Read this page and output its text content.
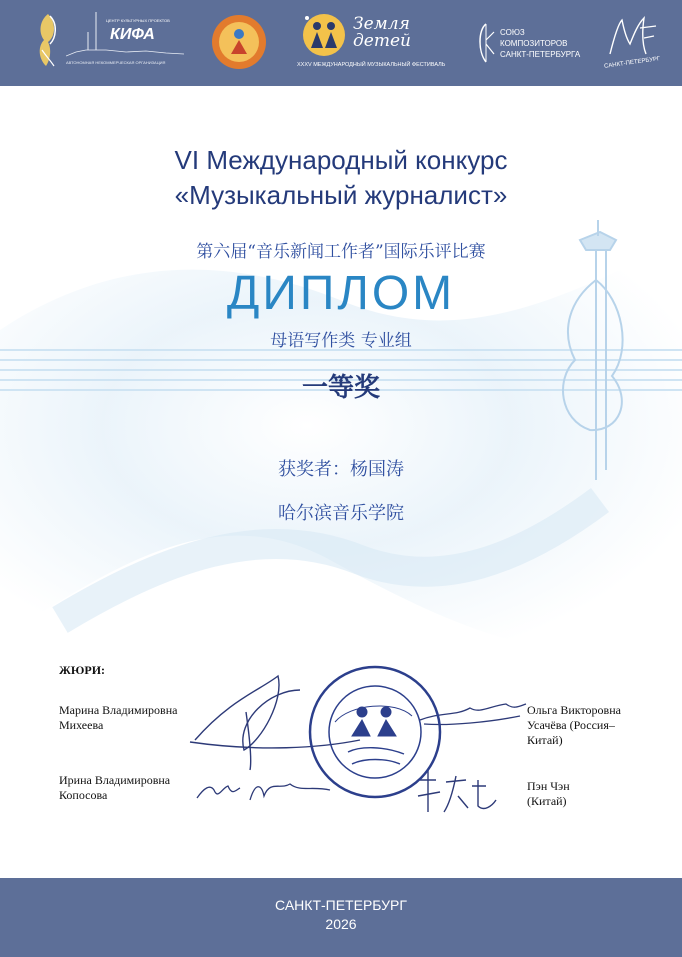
ЦЕНТР КУЛЬТУРНЫХ ПРОЕКТОВ
КИФА
АВТОНОМНАЯ НЕКОММЕРЧЕСКАЯ ОРГАНИЗАЦИЯ
Земля детей
XXXV МЕЖДУНАРОДНЫЙ МУЗЫКАЛЬНЫЙ ФЕСТИВАЛЬ
СОЮЗ
КОМПОЗИТОРОВ
САНКТ-ПЕТЕРБУРГА
САНКТ-ПЕТЕРБУРГ
VI Международный конкурс
«Музыкальный журналист»
第六届“音乐新闻工作者”国际乐评比赛
ДИПЛОМ
母语写作类 专业组
一等奖
获奖者：杨国涛
哈尔滨音乐学院
ЖЮРИ:
Марина Владимировна
Михеева
Ирина Владимировна
Копосова
Ольга Викторовна
Усачёва (Россия–
Китай)
Пэн Чэн
(Китай)
САНКТ-ПЕТЕРБУРГ
2026
